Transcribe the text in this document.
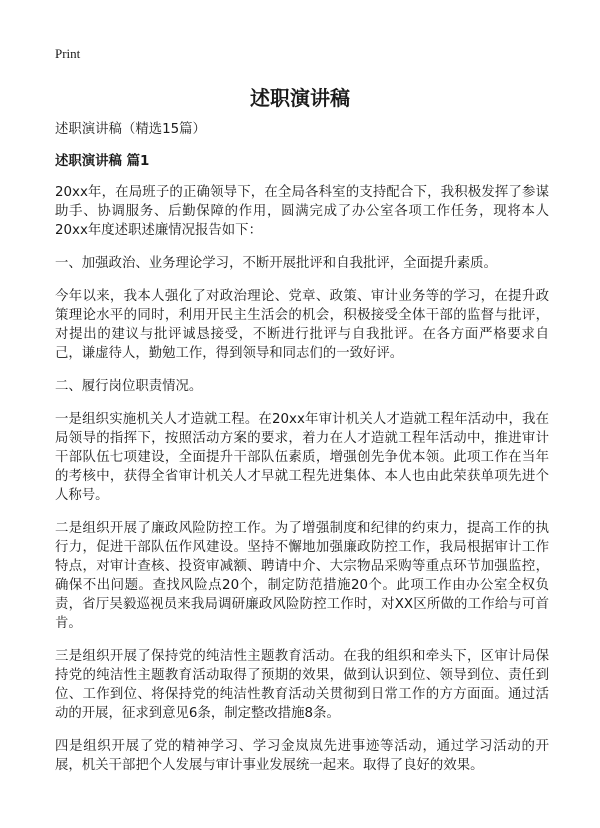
Print
述职演讲稿

述职演讲稿（精选15篇）

述职演讲稿 篇1

20xx年，在局班子的正确领导下，在全局各科室的支持配合下，我积极发挥了参谋助手、协调服务、后勤保障的作用，圆满完成了办公室各项工作任务，现将本人20xx年度述职述廉情况报告如下：

一、加强政治、业务理论学习，不断开展批评和自我批评，全面提升素质。

今年以来，我本人强化了对政治理论、党章、政策、审计业务等的学习，在提升政策理论水平的同时，利用开民主生活会的机会，积极接受全体干部的监督与批评，对提出的建议与批评诚恳接受，不断进行批评与自我批评。在各方面严格要求自己，谦虚待人，勤勉工作，得到领导和同志们的一致好评。

二、履行岗位职责情况。

一是组织实施机关人才造就工程。在20xx年审计机关人才造就工程年活动中，我在局领导的指挥下，按照活动方案的要求，着力在人才造就工程年活动中，推进审计干部队伍七项建设，全面提升干部队伍素质，增强创先争优本领。此项工作在当年的考核中，获得全省审计机关人才早就工程先进集体、本人也由此荣获单项先进个人称号。

二是组织开展了廉政风险防控工作。为了增强制度和纪律的约束力，提高工作的执行力，促进干部队伍作风建设。坚持不懈地加强廉政防控工作，我局根据审计工作特点，对审计查核、投资审减额、聘请中介、大宗物品采购等重点环节加强监控，确保不出问题。查找风险点20个，制定防范措施20个。此项工作由办公室全权负责，省厅吴毅巡视员来我局调研廉政风险防控工作时，对XX区所做的工作给与可首肯。

三是组织开展了保持党的纯洁性主题教育活动。在我的组织和牵头下，区审计局保持党的纯洁性主题教育活动取得了预期的效果，做到认识到位、领导到位、责任到位、工作到位、将保持党的纯洁性教育活动关贯彻到日常工作的方方面面。通过活动的开展，征求到意见6条，制定整改措施8条。

四是组织开展了党的精神学习、学习金岚岚先进事迹等活动，通过学习活动的开展，机关干部把个人发展与审计事业发展统一起来。取得了良好的效果。
